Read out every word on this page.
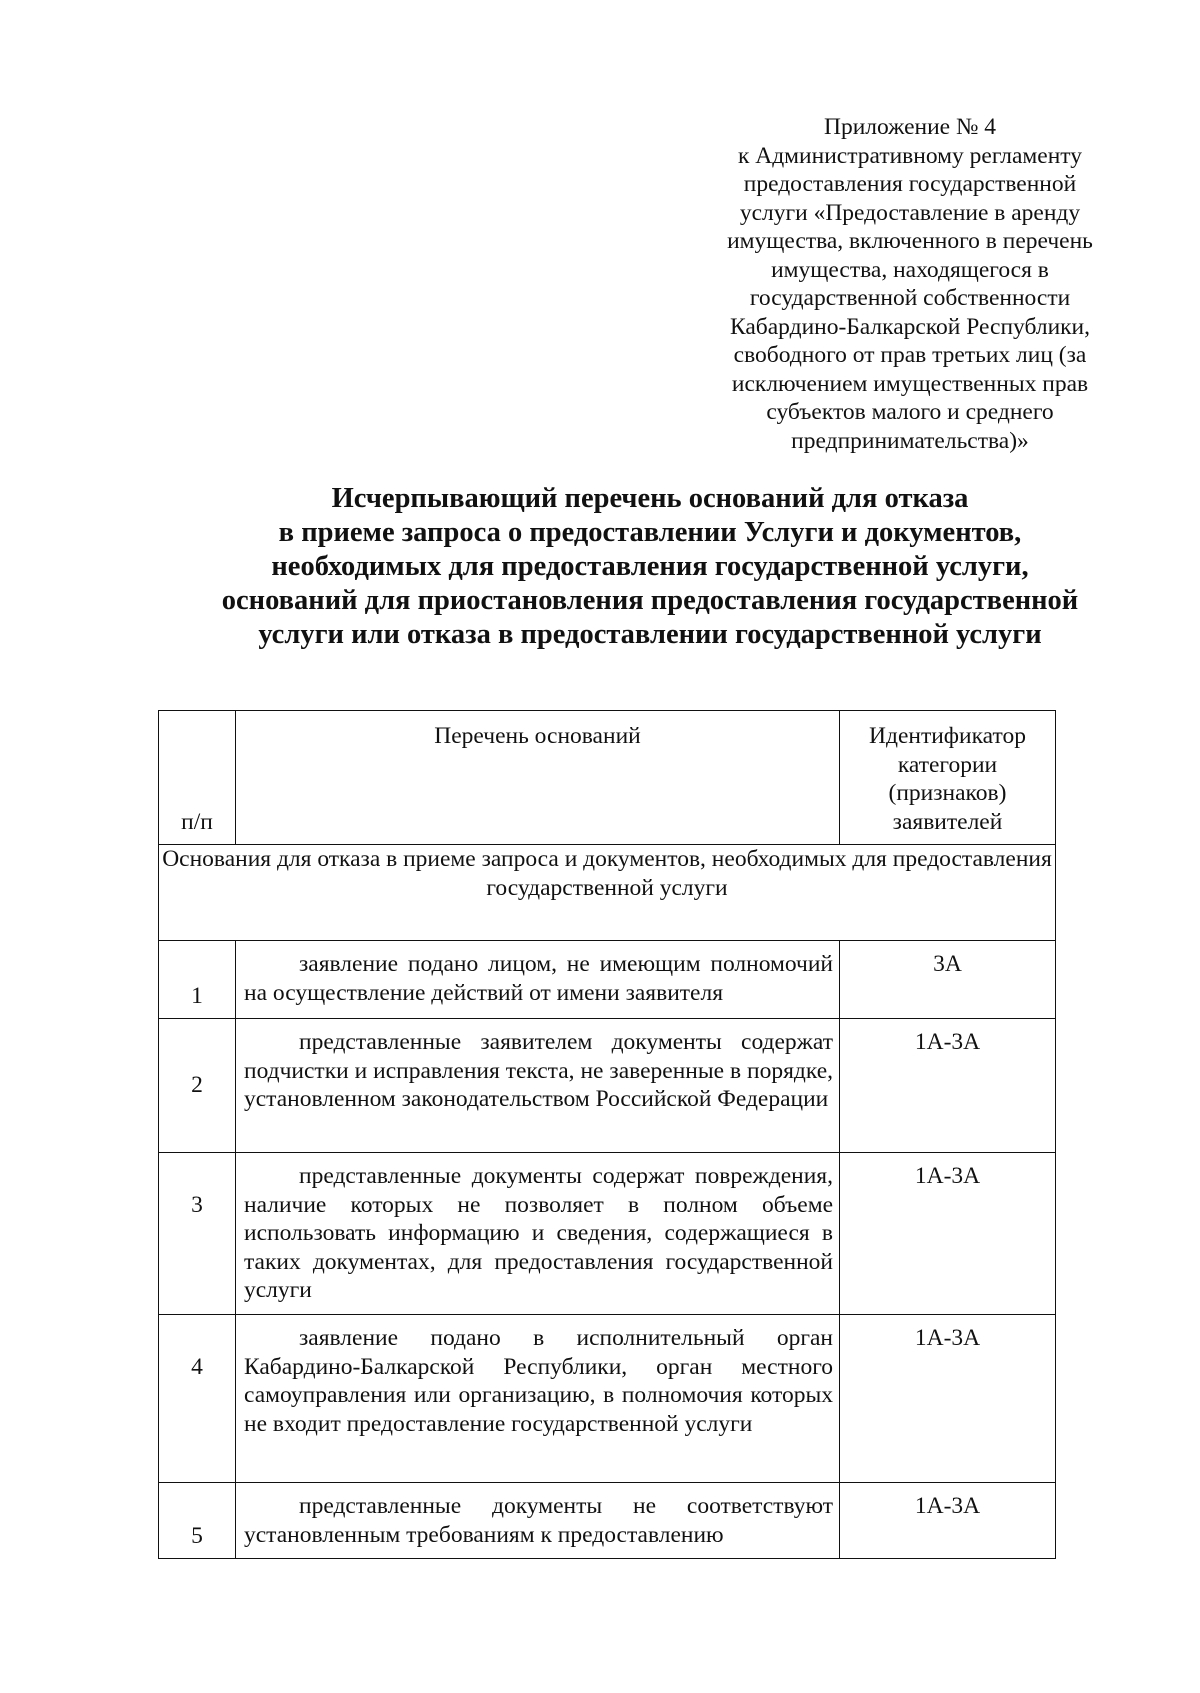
Приложение № 4
к Административному регламенту
предоставления государственной
услуги «Предоставление в аренду
имущества, включенного в перечень
имущества, находящегося в
государственной собственности
Кабардино-Балкарской Республики,
свободного от прав третьих лиц (за
исключением имущественных прав
субъектов малого и среднего
предпринимательства)»
Исчерпывающий перечень оснований для отказа
в приеме запроса о предоставлении Услуги и документов,
необходимых для предоставления государственной услуги,
оснований для приостановления предоставления государственной
услуги или отказа в предоставлении государственной услуги
п/п	Перечень оснований	Идентификатор категории (признаков) заявителей
Основания для отказа в приеме запроса и документов, необходимых для предоставления государственной услуги		
1	заявление подано лицом, не имеющим полномочий на осуществление действий от имени заявителя	3А
2	представленные заявителем документы содержат подчистки и исправления текста, не заверенные в порядке, установленном законодательством Российской Федерации	1А-3А
3	представленные документы содержат повреждения, наличие которых не позволяет в полном объеме использовать информацию и сведения, содержащиеся в таких документах, для предоставления государственной услуги	1А-3А
4	заявление подано в исполнительный орган Кабардино-Балкарской Республики, орган местного самоуправления или организацию, в полномочия которых не входит предоставление государственной услуги	1А-3А
5	представленные документы не соответствуют установленным требованиям к предоставлению	1А-3А
